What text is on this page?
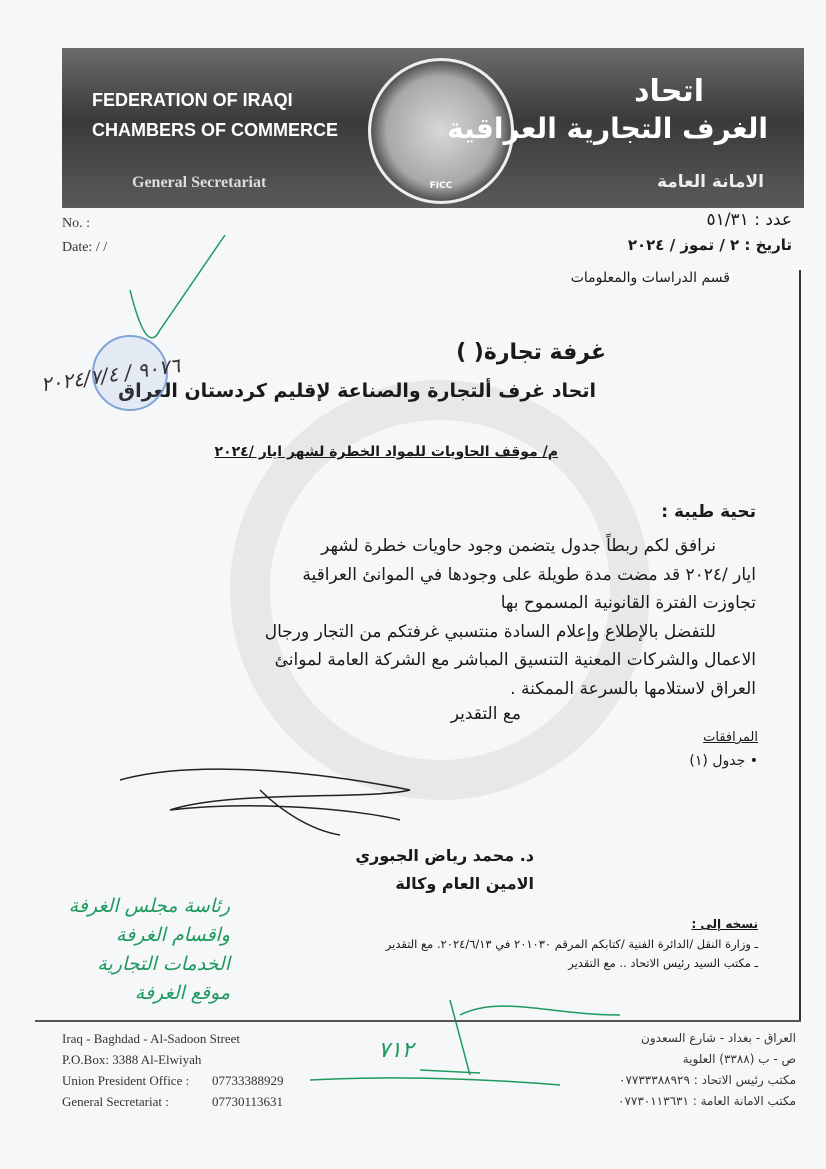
FEDERATION OF IRAQI
CHAMBERS OF COMMERCE
General Secretariat	FICC
اتحاد
الغرف التجارية العراقية
الامانة العامة
No. :
Date: / /
عدد : ٥١/٣١
تاريخ : ٢ / تموز / ٢٠٢٤
قسم الدراسات والمعلومات
غرفة تجارة( )
اتحاد غرف ألتجارة والصناعة لإقليم كردستان العراق
م/ موقف الحاويات للمواد الخطرة لشهر ايار /٢٠٢٤
تحية طيبة :
نرافق لكم ربطاً جدول يتضمن وجود حاويات خطرة لشهر
ايار /٢٠٢٤ قد مضت مدة طويلة على وجودها في الموانئ العراقية
تجاوزت الفترة القانونية المسموح بها
للتفضل بالإطلاع وإعلام السادة منتسبي غرفتكم من التجار ورجال
الاعمال والشركات المعنية التنسيق المباشر مع الشركة العامة لموانئ
العراق لاستلامها بالسرعة الممكنة .
مع التقدير
المرافقات
• جدول (١)
د. محمد رياض الجبوري
الامين العام وكالة
نسخه إلى :
ـ وزارة النقل /الدائرة الفنية /كتابكم المرقم ٢٠١٠٣٠ في ٢٠٢٤/٦/١٣. مع التقدير
ـ مكتب السيد رئيس الاتحاد .. مع التقدير
٩٠٧٦ / ٢٠٢٤/٧/٤
رئاسة مجلس الغرفة
واقسام الغرفة
الخدمات التجارية
موقع الغرفة
٧١٢
Iraq - Baghdad - Al-Sadoon Street
P.O.Box: 3388 Al-Elwiyah
Union President Office : 07733388929
General Secretariat :	07730113631
العراق - بغداد - شارع السعدون
ص - ب (٣٣٨٨) العلوية
مكتب رئيس الاتحاد : ٠٧٧٣٣٣٨٨٩٢٩
مكتب الامانة العامة : ٠٧٧٣٠١١٣٦٣١
